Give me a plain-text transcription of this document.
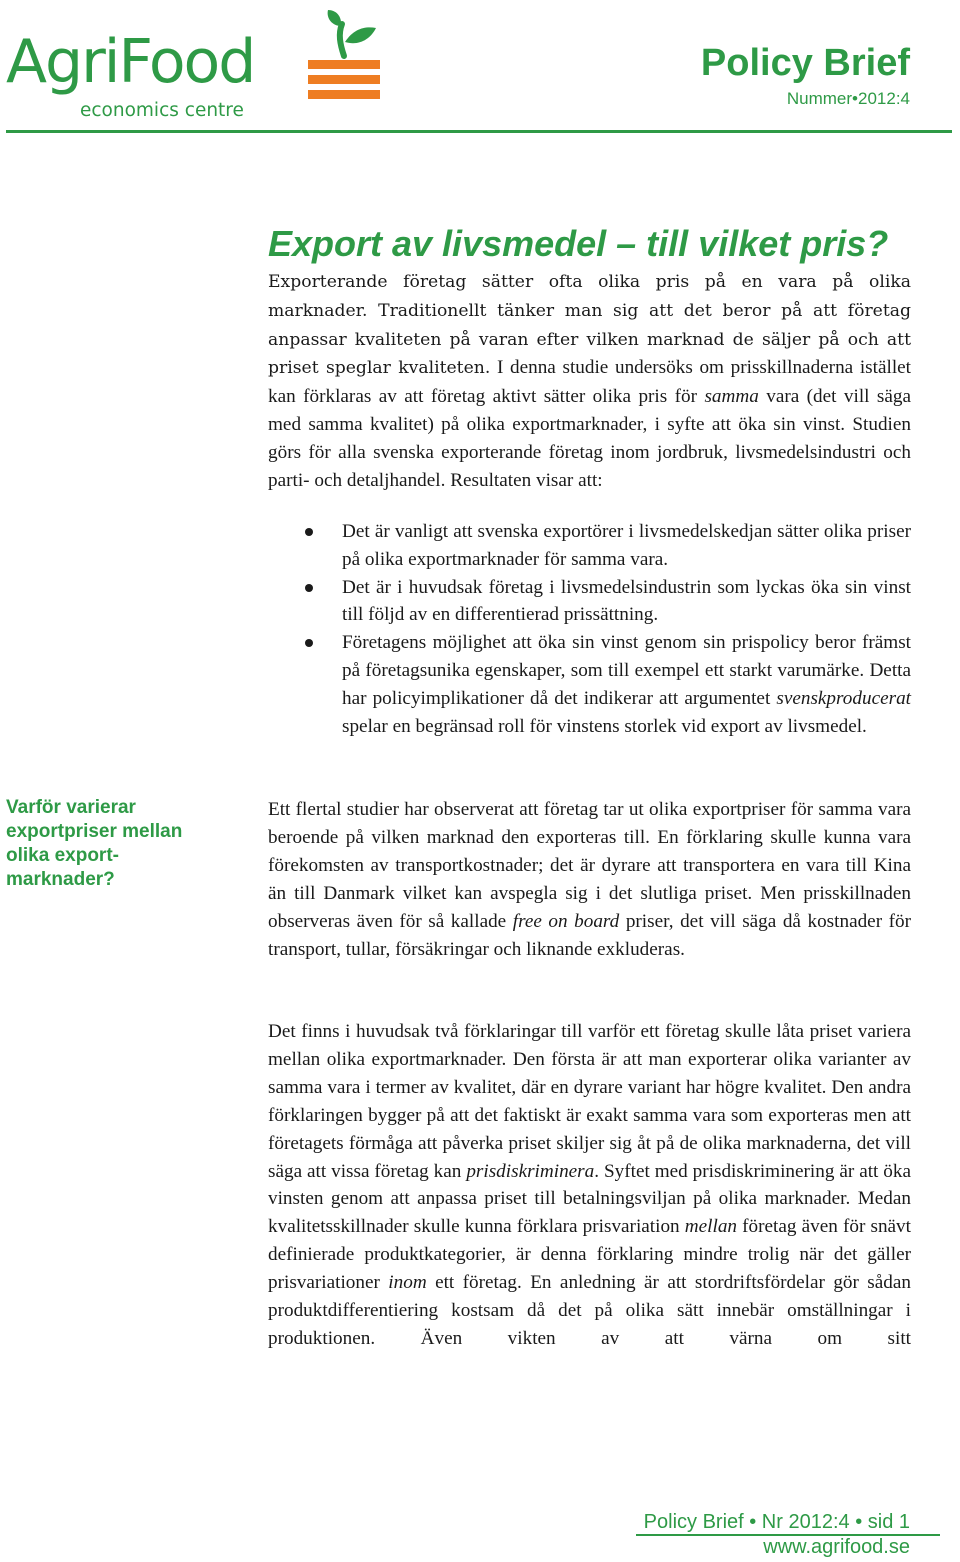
AgriFood
economics centre
Policy Brief
Nummer•2012:4
Export av livsmedel – till vilket pris?

Exporterande företag sätter ofta olika pris på en vara på olika marknader. Traditionellt tänker man sig att det beror på att företag anpassar kvaliteten på varan efter vilken marknad de säljer på och att priset speglar kvaliteten. I denna studie undersöks om prisskillnaderna istället kan förklaras av att företag aktivt sätter olika pris för samma vara (det vill säga med samma kvalitet) på olika exportmarknader, i syfte att öka sin vinst. Studien görs för alla svenska exporterande företag inom jordbruk, livsmedelsindustri och parti- och detaljhandel. Resultaten visar att:

Det är vanligt att svenska exportörer i livsmedelskedjan sätter olika priser på olika exportmarknader för samma vara.
Det är i huvudsak företag i livsmedelsindustrin som lyckas öka sin vinst till följd av en differentierad prissättning.
Företagens möjlighet att öka sin vinst genom sin prispolicy beror främst på företagsunika egenskaper, som till exempel ett starkt varumärke. Detta har policyimplikationer då det indikerar att argumentet svenskproducerat spelar en begränsad roll för vinstens storlek vid export av livsmedel.

Varför varierar exportpriser mellan olika export-marknader?

Ett flertal studier har observerat att företag tar ut olika exportpriser för samma vara beroende på vilken marknad den exporteras till. En förklaring skulle kunna vara förekomsten av transportkostnader; det är dyrare att transportera en vara till Kina än till Danmark vilket kan avspegla sig i det slutliga priset. Men prisskillnaden observeras även för så kallade free on board priser, det vill säga då kostnader för transport, tullar, försäkringar och liknande exkluderas.

Det finns i huvudsak två förklaringar till varför ett företag skulle låta priset variera mellan olika exportmarknader. Den första är att man exporterar olika varianter av samma vara i termer av kvalitet, där en dyrare variant har högre kvalitet. Den andra förklaringen bygger på att det faktiskt är exakt samma vara som exporteras men att företagets förmåga att påverka priset skiljer sig åt på de olika marknaderna, det vill säga att vissa företag kan prisdiskriminera. Syftet med prisdiskriminering är att öka vinsten genom att anpassa priset till betalningsviljan på olika marknader. Medan kvalitetsskillnader skulle kunna förklara prisvariation mellan företag även för snävt definierade produktkategorier, är denna förklaring mindre trolig när det gäller prisvariationer inom ett företag. En anledning är att stordriftsfördelar gör sådan produktdifferentiering kostsam då det på olika sätt innebär omställningar i produktionen. Även vikten av att värna om sitt

Policy Brief • Nr 2012:4 • sid 1
www.agrifood.se
